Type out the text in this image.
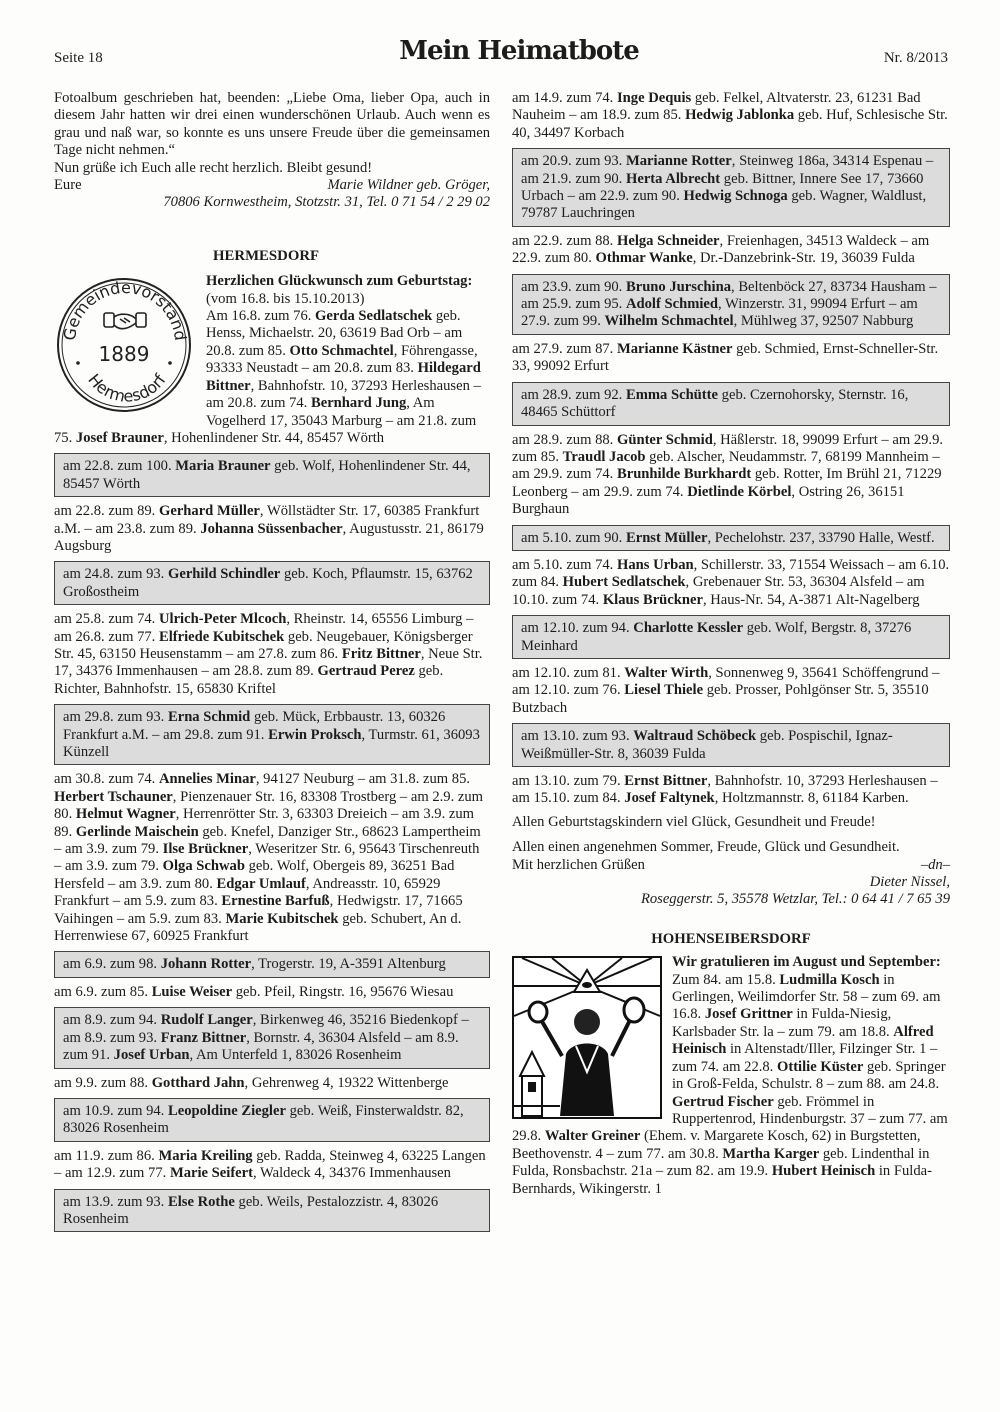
Seite 18	Mein Heimatbote	Nr. 8/2013

Fotoalbum geschrieben hat, beenden: „Liebe Oma, lieber Opa, auch in diesem Jahr hatten wir drei einen wunderschönen Urlaub. Auch wenn es grau und naß war, so konnte es uns unsere Freude über die gemeinsamen Tage nicht nehmen.“

Nun grüße ich Euch alle recht herzlich. Bleibt gesund!

Eure	Marie Wildner geb. Gröger,
70806 Kornwestheim, Stotzstr. 31, Tel. 0 71 54 / 2 29 02
HERMESDORF
Gemeindevorstand
Hermesdorf
1889

Herzlichen Glückwunsch zum Geburtstag: (vom 16.8. bis 15.10.2013)

Am 16.8. zum 76. Gerda Sedlatschek geb. Henss, Michaelstr. 20, 63619 Bad Orb – am 20.8. zum 85. Otto Schmachtel, Föhrengasse, 93333 Neustadt – am 20.8. zum 83. Hildegard Bittner, Bahnhofstr. 10, 37293 Herleshausen – am 20.8. zum 74. Bernhard Jung, Am Vogelherd 17, 35043 Marburg – am 21.8. zum 75. Josef Brauner, Hohenlindener Str. 44, 85457 Wörth
am 22.8. zum 100. Maria Brauner geb. Wolf, Hohenlindener Str. 44, 85457 Wörth
am 22.8. zum 89. Gerhard Müller, Wöllstädter Str. 17, 60385 Frankfurt a.M. – am 23.8. zum 89. Johanna Süssenbacher, Augustusstr. 21, 86179 Augsburg
am 24.8. zum 93. Gerhild Schindler geb. Koch, Pflaumstr. 15, 63762 Großostheim
am 25.8. zum 74. Ulrich-Peter Mlcoch, Rheinstr. 14, 65556 Limburg – am 26.8. zum 77. Elfriede Kubitschek geb. Neugebauer, Königsberger Str. 45, 63150 Heusenstamm – am 27.8. zum 86. Fritz Bittner, Neue Str. 17, 34376 Immenhausen – am 28.8. zum 89. Gertraud Perez geb. Richter, Bahnhofstr. 15, 65830 Kriftel
am 29.8. zum 93. Erna Schmid geb. Mück, Erbbaustr. 13, 60326 Frankfurt a.M. – am 29.8. zum 91. Erwin Proksch, Turmstr. 61, 36093 Künzell
am 30.8. zum 74. Annelies Minar, 94127 Neuburg – am 31.8. zum 85. Herbert Tschauner, Pienzenauer Str. 16, 83308 Trostberg – am 2.9. zum 80. Helmut Wagner, Herrenrötter Str. 3, 63303 Dreieich – am 3.9. zum 89. Gerlinde Maischein geb. Knefel, Danziger Str., 68623 Lampertheim – am 3.9. zum 79. Ilse Brückner, Weseritzer Str. 6, 95643 Tirschenreuth – am 3.9. zum 79. Olga Schwab geb. Wolf, Obergeis 89, 36251 Bad Hersfeld – am 3.9. zum 80. Edgar Umlauf, Andreasstr. 10, 65929 Frankfurt – am 5.9. zum 83. Ernestine Barfuß, Hedwigstr. 17, 71665 Vaihingen – am 5.9. zum 83. Marie Kubitschek geb. Schubert, An d. Herrenwiese 67, 60925 Frankfurt
am 6.9. zum 98. Johann Rotter, Trogerstr. 19, A-3591 Altenburg
am 6.9. zum 85. Luise Weiser geb. Pfeil, Ringstr. 16, 95676 Wiesau
am 8.9. zum 94. Rudolf Langer, Birkenweg 46, 35216 Biedenkopf – am 8.9. zum 93. Franz Bittner, Bornstr. 4, 36304 Alsfeld – am 8.9. zum 91. Josef Urban, Am Unterfeld 1, 83026 Rosenheim
am 9.9. zum 88. Gotthard Jahn, Gehrenweg 4, 19322 Wittenberge
am 10.9. zum 94. Leopoldine Ziegler geb. Weiß, Finsterwaldstr. 82, 83026 Rosenheim
am 11.9. zum 86. Maria Kreiling geb. Radda, Steinweg 4, 63225 Langen – am 12.9. zum 77. Marie Seifert, Waldeck 4, 34376 Immenhausen
am 13.9. zum 93. Else Rothe geb. Weils, Pestalozzistr. 4, 83026 Rosenheim
am 14.9. zum 74. Inge Dequis geb. Felkel, Altvaterstr. 23, 61231 Bad Nauheim – am 18.9. zum 85. Hedwig Jablonka geb. Huf, Schlesische Str. 40, 34497 Korbach
am 20.9. zum 93. Marianne Rotter, Steinweg 186a, 34314 Espenau – am 21.9. zum 90. Herta Albrecht geb. Bittner, Innere See 17, 73660 Urbach – am 22.9. zum 90. Hedwig Schnoga geb. Wagner, Waldlust, 79787 Lauchringen
am 22.9. zum 88. Helga Schneider, Freienhagen, 34513 Waldeck – am 22.9. zum 80. Othmar Wanke, Dr.-Danzebrink-Str. 19, 36039 Fulda
am 23.9. zum 90. Bruno Jurschina, Beltenböck 27, 83734 Hausham – am 25.9. zum 95. Adolf Schmied, Winzerstr. 31, 99094 Erfurt – am 27.9. zum 99. Wilhelm Schmachtel, Mühlweg 37, 92507 Nabburg
am 27.9. zum 87. Marianne Kästner geb. Schmied, Ernst-Schneller-Str. 33, 99092 Erfurt
am 28.9. zum 92. Emma Schütte geb. Czernohorsky, Sternstr. 16, 48465 Schüttorf
am 28.9. zum 88. Günter Schmid, Häßlerstr. 18, 99099 Erfurt – am 29.9. zum 85. Traudl Jacob geb. Alscher, Neudammstr. 7, 68199 Mannheim – am 29.9. zum 74. Brunhilde Burkhardt geb. Rotter, Im Brühl 21, 71229 Leonberg – am 29.9. zum 74. Dietlinde Körbel, Ostring 26, 36151 Burghaun
am 5.10. zum 90. Ernst Müller, Pechelohstr. 237, 33790 Halle, Westf.
am 5.10. zum 74. Hans Urban, Schillerstr. 33, 71554 Weissach – am 6.10. zum 84. Hubert Sedlatschek, Grebenauer Str. 53, 36304 Alsfeld – am 10.10. zum 74. Klaus Brückner, Haus-Nr. 54, A-3871 Alt-Nagelberg
am 12.10. zum 94. Charlotte Kessler geb. Wolf, Bergstr. 8, 37276 Meinhard
am 12.10. zum 81. Walter Wirth, Sonnenweg 9, 35641 Schöffengrund – am 12.10. zum 76. Liesel Thiele geb. Prosser, Pohlgönser Str. 5, 35510 Butzbach
am 13.10. zum 93. Waltraud Schöbeck geb. Pospischil, Ignaz-Weißmüller-Str. 8, 36039 Fulda
am 13.10. zum 79. Ernst Bittner, Bahnhofstr. 10, 37293 Herleshausen – am 15.10. zum 84. Josef Faltynek, Holtzmannstr. 8, 61184 Karben.

Allen Geburtstagskindern viel Glück, Gesundheit und Freude!

Allen einen angenehmen Sommer, Freude, Glück und Gesundheit.

Mit herzlichen Grüßen	–dn–
Dieter Nissel,
Roseggerstr. 5, 35578 Wetzlar, Tel.: 0 64 41 / 7 65 39
HOHENSEIBERSDORF

Wir gratulieren im August und September: Zum 84. am 15.8. Ludmilla Kosch in Gerlingen, Weilimdorfer Str. 58 – zum 69. am 16.8. Josef Grittner in Fulda-Niesig, Karlsbader Str. la – zum 79. am 18.8. Alfred Heinisch in Altenstadt/Iller, Filzinger Str. 1 – zum 74. am 22.8. Ottilie Küster geb. Springer in Groß-Felda, Schulstr. 8 – zum 88. am 24.8. Gertrud Fischer geb. Frömmel in Ruppertenrod, Hindenburgstr. 37 – zum 77. am 29.8. Walter Greiner (Ehem. v. Margarete Kosch, 62) in Burgstetten, Beethovenstr. 4 – zum 77. am 30.8. Martha Karger geb. Lindenthal in Fulda, Ronsbachstr. 21a – zum 82. am 19.9. Hubert Heinisch in Fulda-Bernhards, Wikingerstr. 1
